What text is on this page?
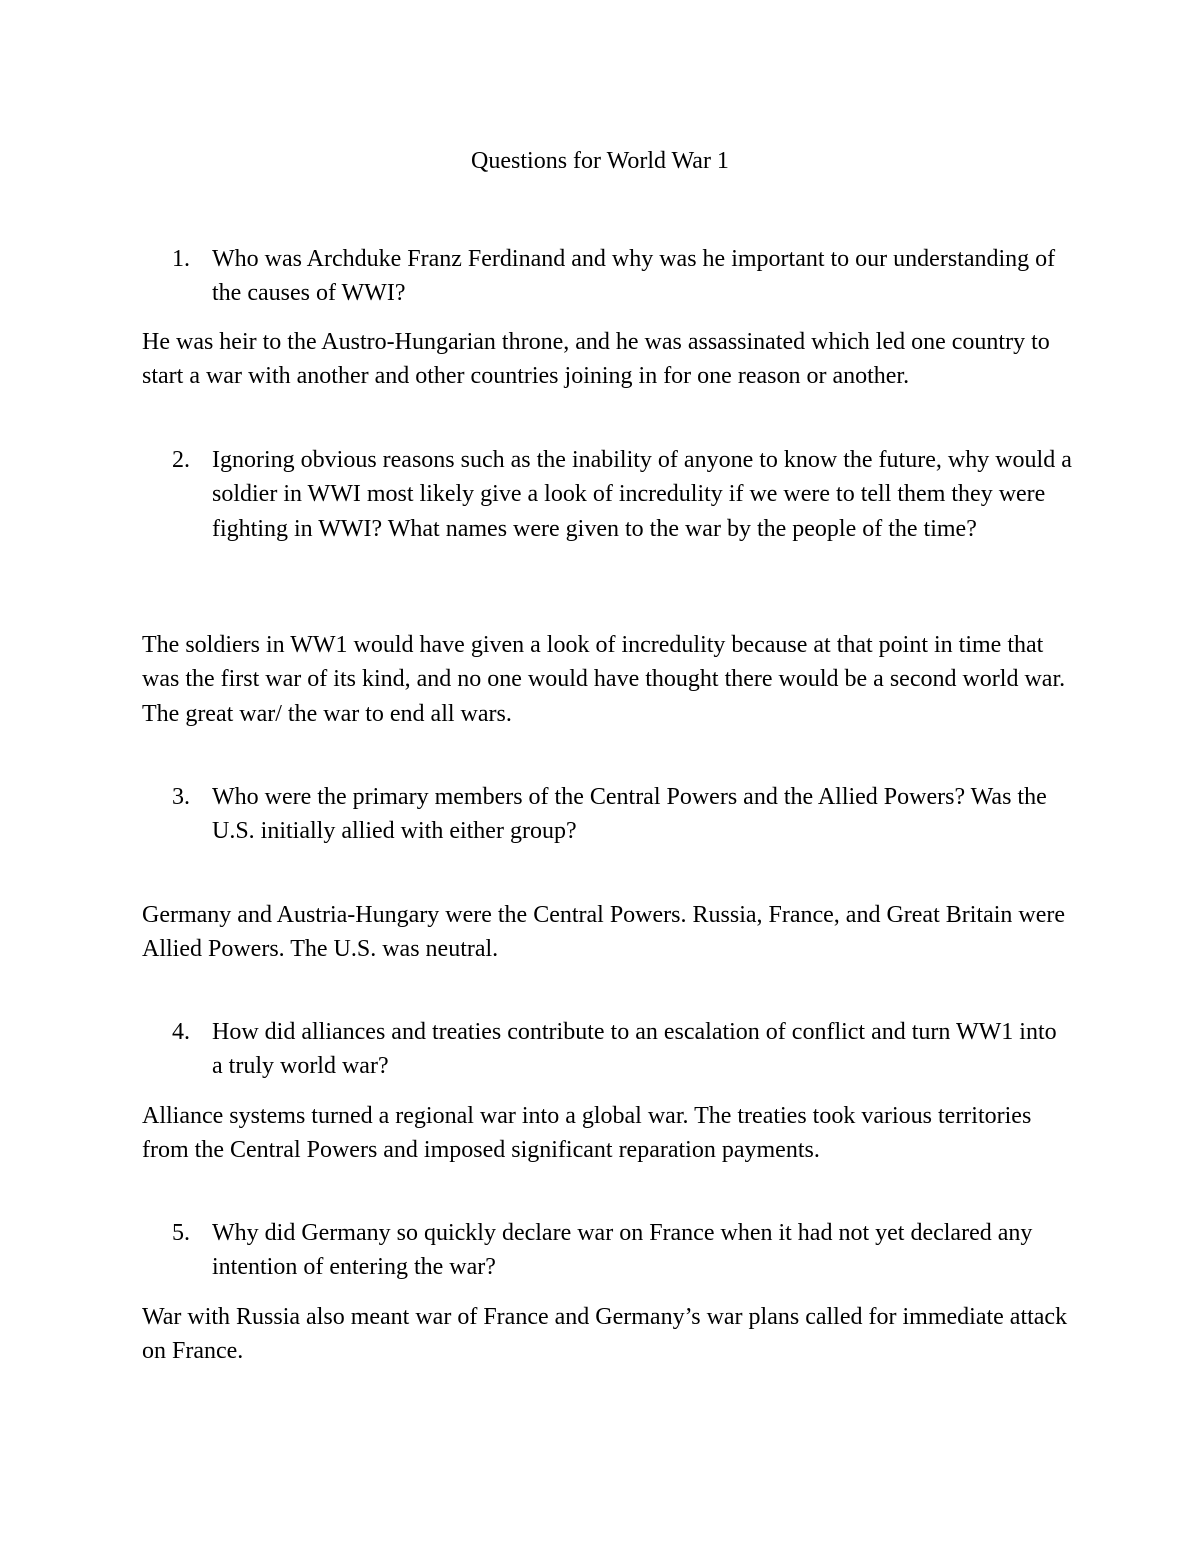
Questions for World War 1
1. Who was Archduke Franz Ferdinand and why was he important to our understanding of the causes of WWI?
He was heir to the Austro-Hungarian throne, and he was assassinated which led one country to start a war with another and other countries joining in for one reason or another.
2. Ignoring obvious reasons such as the inability of anyone to know the future, why would a soldier in WWI most likely give a look of incredulity if we were to tell them they were fighting in WWI? What names were given to the war by the people of the time?
The soldiers in WW1 would have given a look of incredulity because at that point in time that was the first war of its kind, and no one would have thought there would be a second world war. The great war/ the war to end all wars.
3. Who were the primary members of the Central Powers and the Allied Powers? Was the U.S. initially allied with either group?
Germany and Austria-Hungary were the Central Powers. Russia, France, and Great Britain were Allied Powers. The U.S. was neutral.
4. How did alliances and treaties contribute to an escalation of conflict and turn WW1 into a truly world war?
Alliance systems turned a regional war into a global war. The treaties took various territories from the Central Powers and imposed significant reparation payments.
5. Why did Germany so quickly declare war on France when it had not yet declared any intention of entering the war?
War with Russia also meant war of France and Germany’s war plans called for immediate attack on France.
